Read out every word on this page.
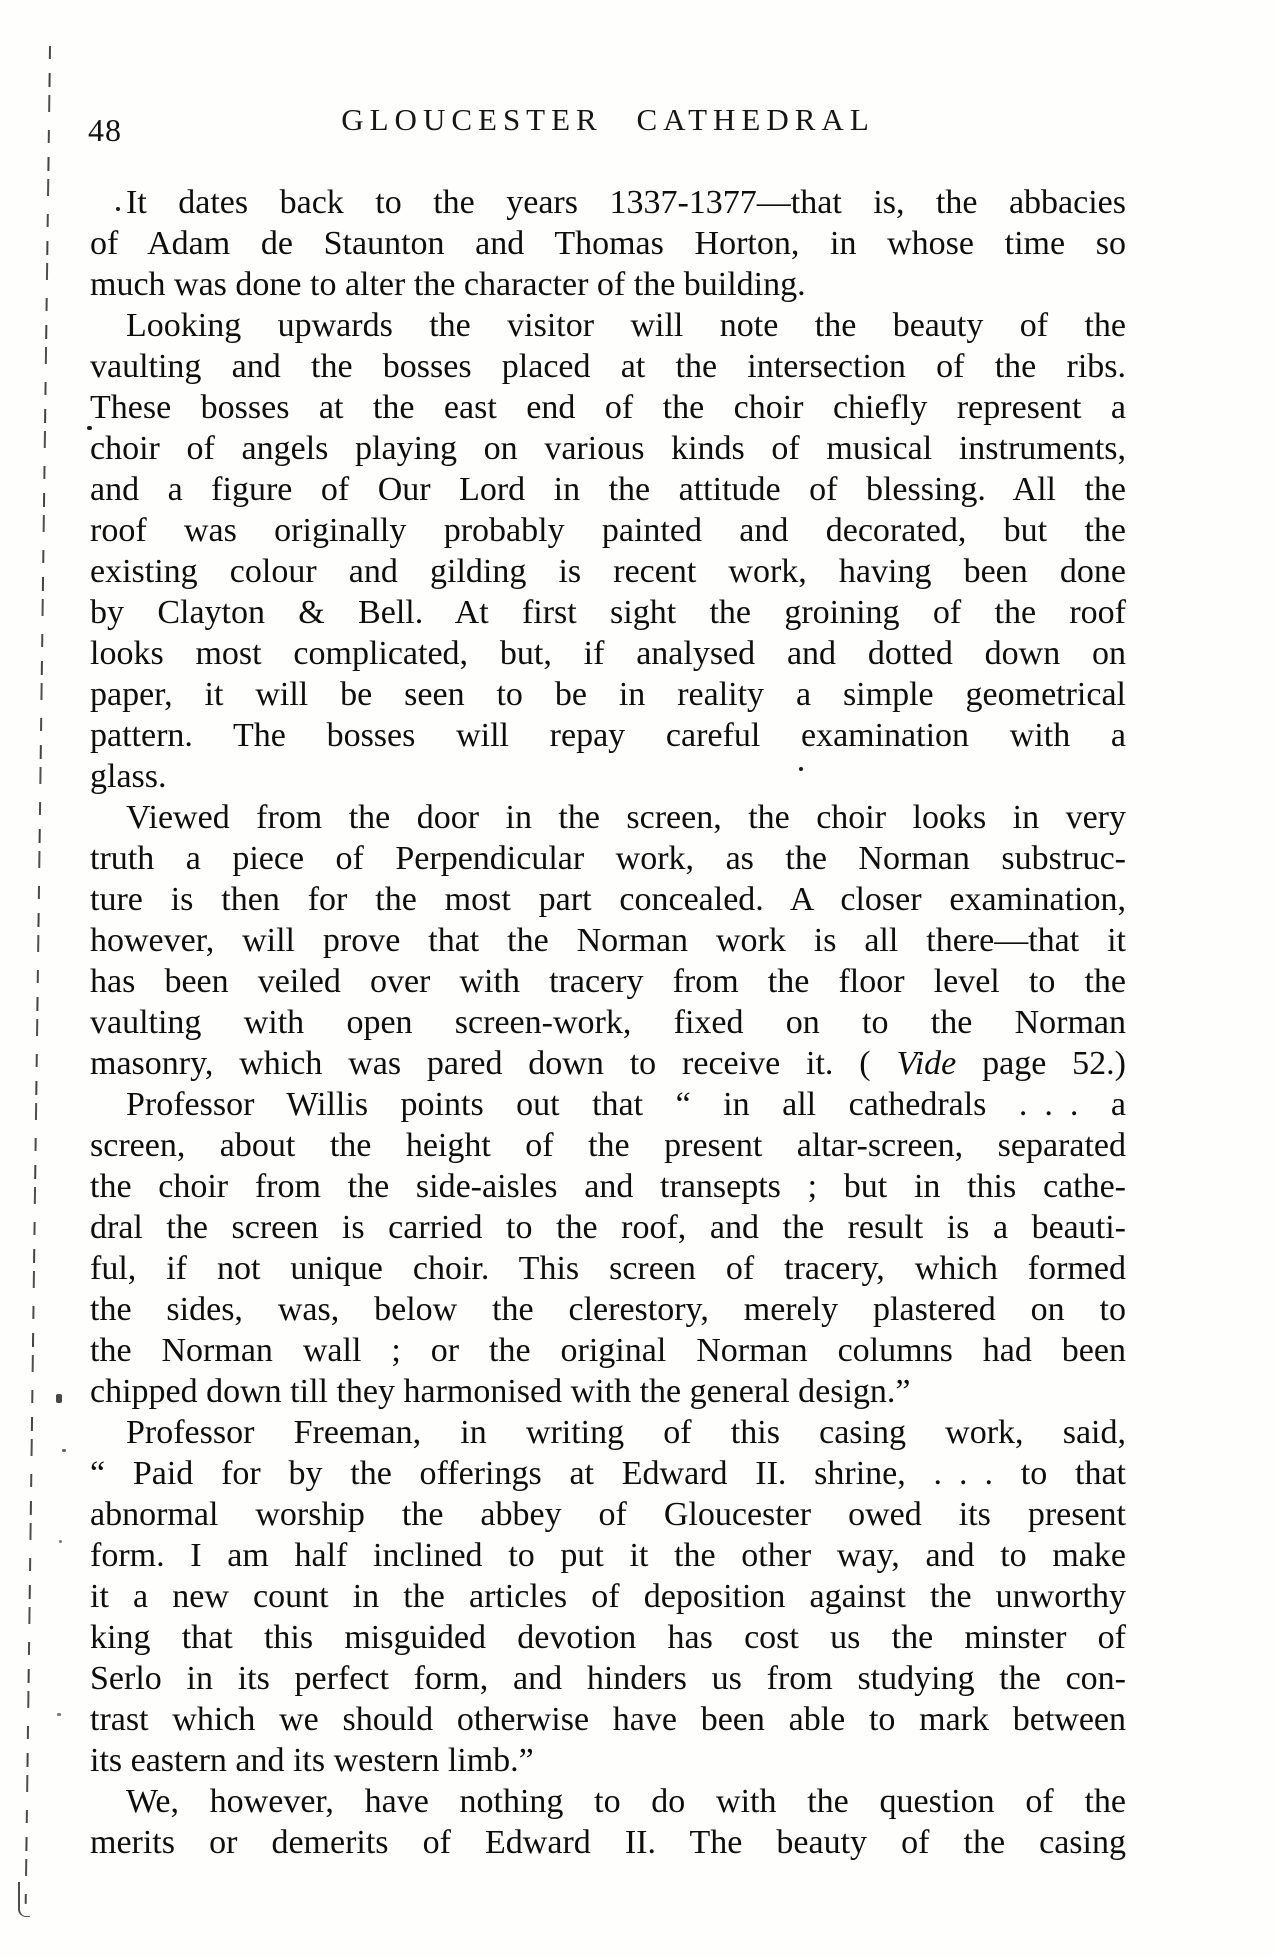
48	GLOUCESTER CATHEDRAL
It dates back to the years 1337-1377—that is, the abbacies
of Adam de Staunton and Thomas Horton, in whose time so
much was done to alter the character of the building.
Looking upwards the visitor will note the beauty of the
vaulting and the bosses placed at the intersection of the ribs.
These bosses at the east end of the choir chiefly represent a
choir of angels playing on various kinds of musical instruments,
and a figure of Our Lord in the attitude of blessing. All the
roof was originally probably painted and decorated, but the
existing colour and gilding is recent work, having been done
by Clayton & Bell. At first sight the groining of the roof
looks most complicated, but, if analysed and dotted down on
paper, it will be seen to be in reality a simple geometrical
pattern. The bosses will repay careful examination with a
glass.
Viewed from the door in the screen, the choir looks in very
truth a piece of Perpendicular work, as the Norman substruc-
ture is then for the most part concealed. A closer examination,
however, will prove that the Norman work is all there—that it
has been veiled over with tracery from the floor level to the
vaulting with open screen-work, fixed on to the Norman
masonry, which was pared down to receive it. ( Vide page 52.)
Professor Willis points out that “ in all cathedrals . . . a
screen, about the height of the present altar-screen, separated
the choir from the side-aisles and transepts ; but in this cathe-
dral the screen is carried to the roof, and the result is a beauti-
ful, if not unique choir. This screen of tracery, which formed
the sides, was, below the clerestory, merely plastered on to
the Norman wall ; or the original Norman columns had been
chipped down till they harmonised with the general design.”
Professor Freeman, in writing of this casing work, said,
“ Paid for by the offerings at Edward II. shrine, . . . to that
abnormal worship the abbey of Gloucester owed its present
form. I am half inclined to put it the other way, and to make
it a new count in the articles of deposition against the unworthy
king that this misguided devotion has cost us the minster of
Serlo in its perfect form, and hinders us from studying the con-
trast which we should otherwise have been able to mark between
its eastern and its western limb.”
We, however, have nothing to do with the question of the
merits or demerits of Edward II. The beauty of the casing
